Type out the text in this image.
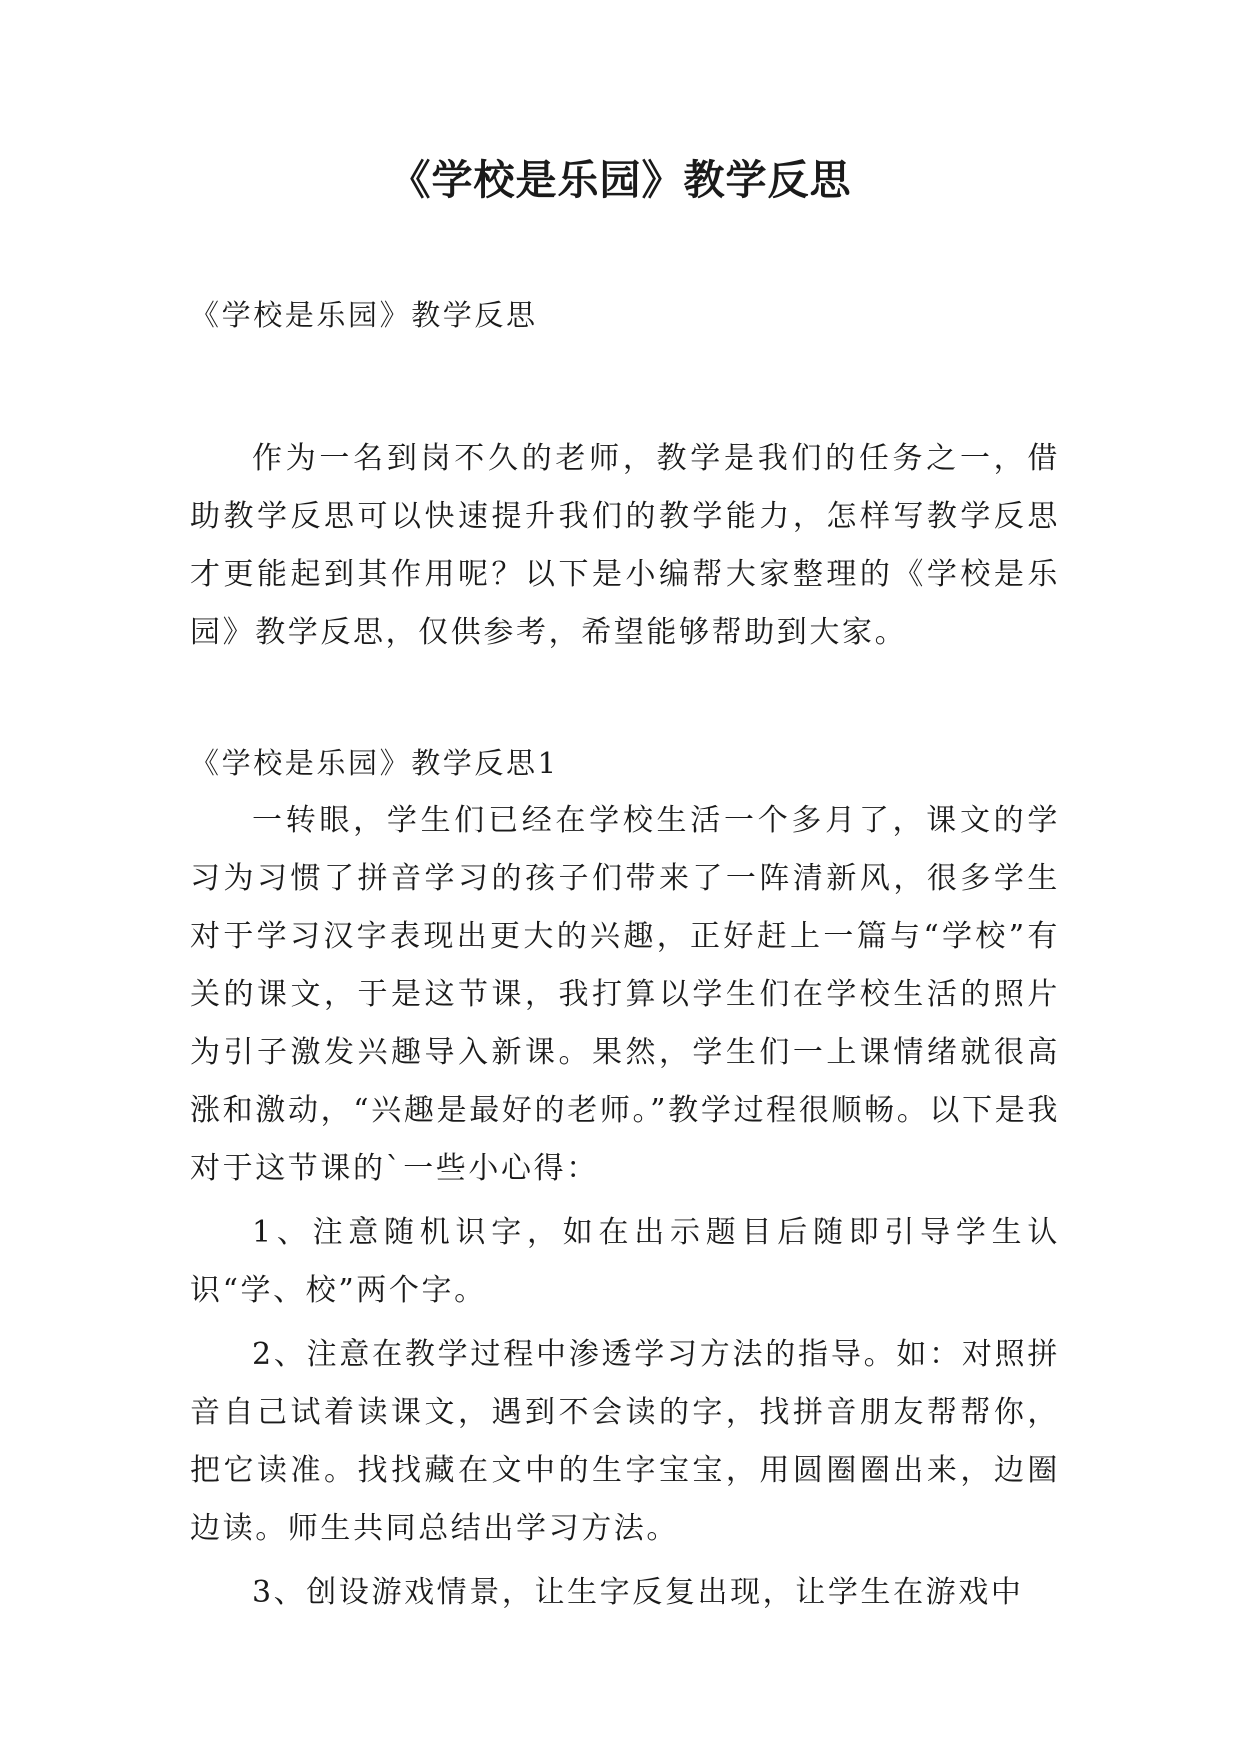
《学校是乐园》教学反思

《学校是乐园》教学反思

作为一名到岗不久的老师，教学是我们的任务之一，借助教学反思可以快速提升我们的教学能力，怎样写教学反思才更能起到其作用呢？以下是小编帮大家整理的《学校是乐园》教学反思，仅供参考，希望能够帮助到大家。

《学校是乐园》教学反思1

一转眼，学生们已经在学校生活一个多月了，课文的学习为习惯了拼音学习的孩子们带来了一阵清新风，很多学生对于学习汉字表现出更大的兴趣，正好赶上一篇与“学校”有关的课文，于是这节课，我打算以学生们在学校生活的照片为引子激发兴趣导入新课。果然，学生们一上课情绪就很高涨和激动，“兴趣是最好的老师。”教学过程很顺畅。以下是我对于这节课的`一些小心得：

1、注意随机识字，如在出示题目后随即引导学生认识“学、校”两个字。

2、注意在教学过程中渗透学习方法的指导。如：对照拼音自己试着读课文，遇到不会读的字，找拼音朋友帮帮你，把它读准。找找藏在文中的生字宝宝，用圆圈圈出来，边圈边读。师生共同总结出学习方法。

3、创设游戏情景，让生字反复出现，让学生在游戏中
